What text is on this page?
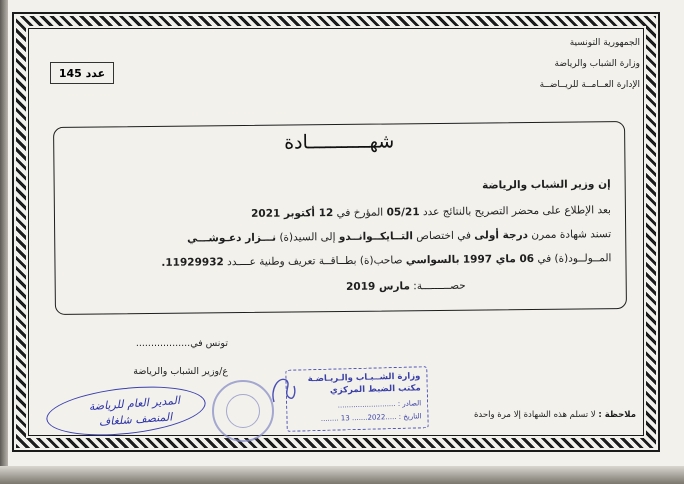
الجمهورية التونسية
وزارة الشباب والرياضة
الإدارة العــامــة للريــاضــة
عدد

145
شهـــــــــــادة
إن وزير الشباب والرياضة
بعد الإطلاع على محضر التصريح بالنتائج عدد 05/21 المؤرخ في 12 أكتوبر 2021
تسند شهادة ممرن درجة أولى في اختصاص التــايكــوانــدو إلى السيد(ة) نـــزار دعـوشـــي
المــولــود(ة) في 06 ماي 1997 بالسواسي صاحب(ة) بطــاقــة تعريف وطنية عــــدد 11929932.
حصـــــــــة: مارس 2019
تونس في..................
ع/وزير الشباب والرياضة
المدير العام للرياضة
المنصف شلغاف
وزارة الشــبـاب والـريـاضـة
مكتب الضبط المركزي
الصادر : ..........................
التاريخ : .....2022....... 13 ........	ملاحظة : لا تسلم هذه الشهادة إلا مرة واحدة
